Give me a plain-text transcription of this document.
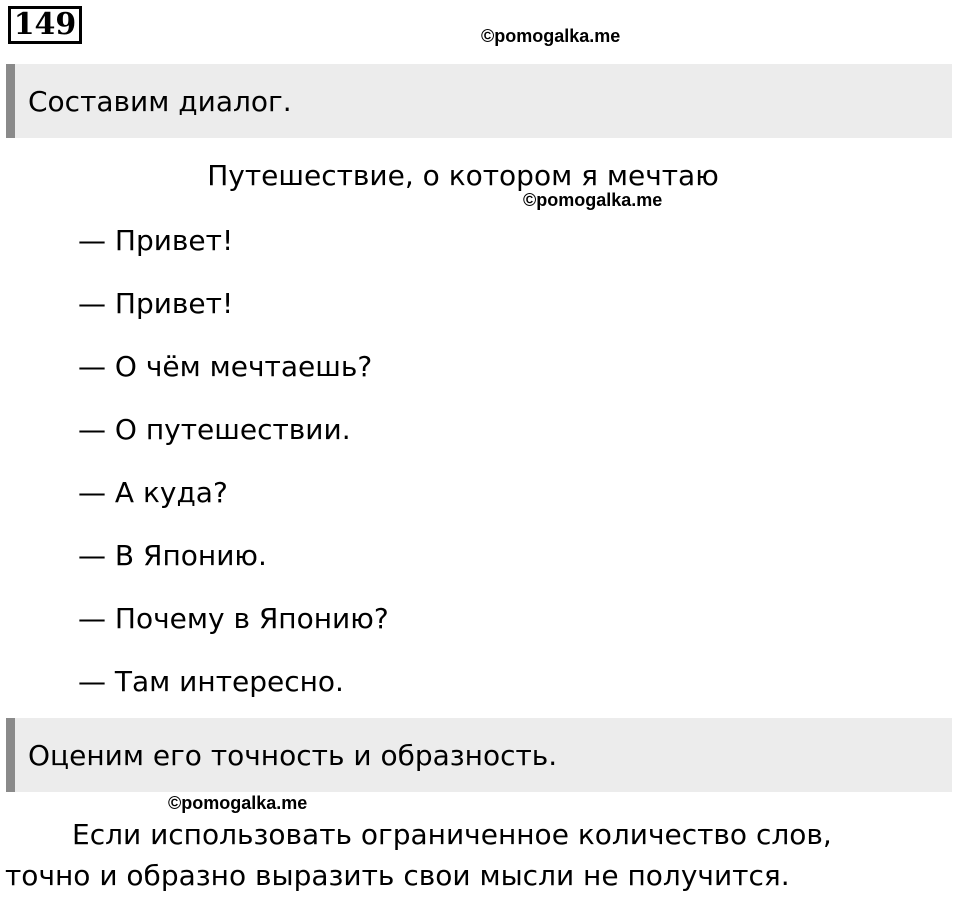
149	©pomogalka.me
Составим диалог.
Путешествие, о котором я мечтаю
©pomogalka.me
— Привет!
— Привет!
— О чём мечтаешь?
— О путешествии.
— А куда?
— В Японию.
— Почему в Японию?
— Там интересно.
Оценим его точность и образность.
©pomogalka.me
Если использовать ограниченное количество слов,
точно и образно выразить свои мысли не получится.
